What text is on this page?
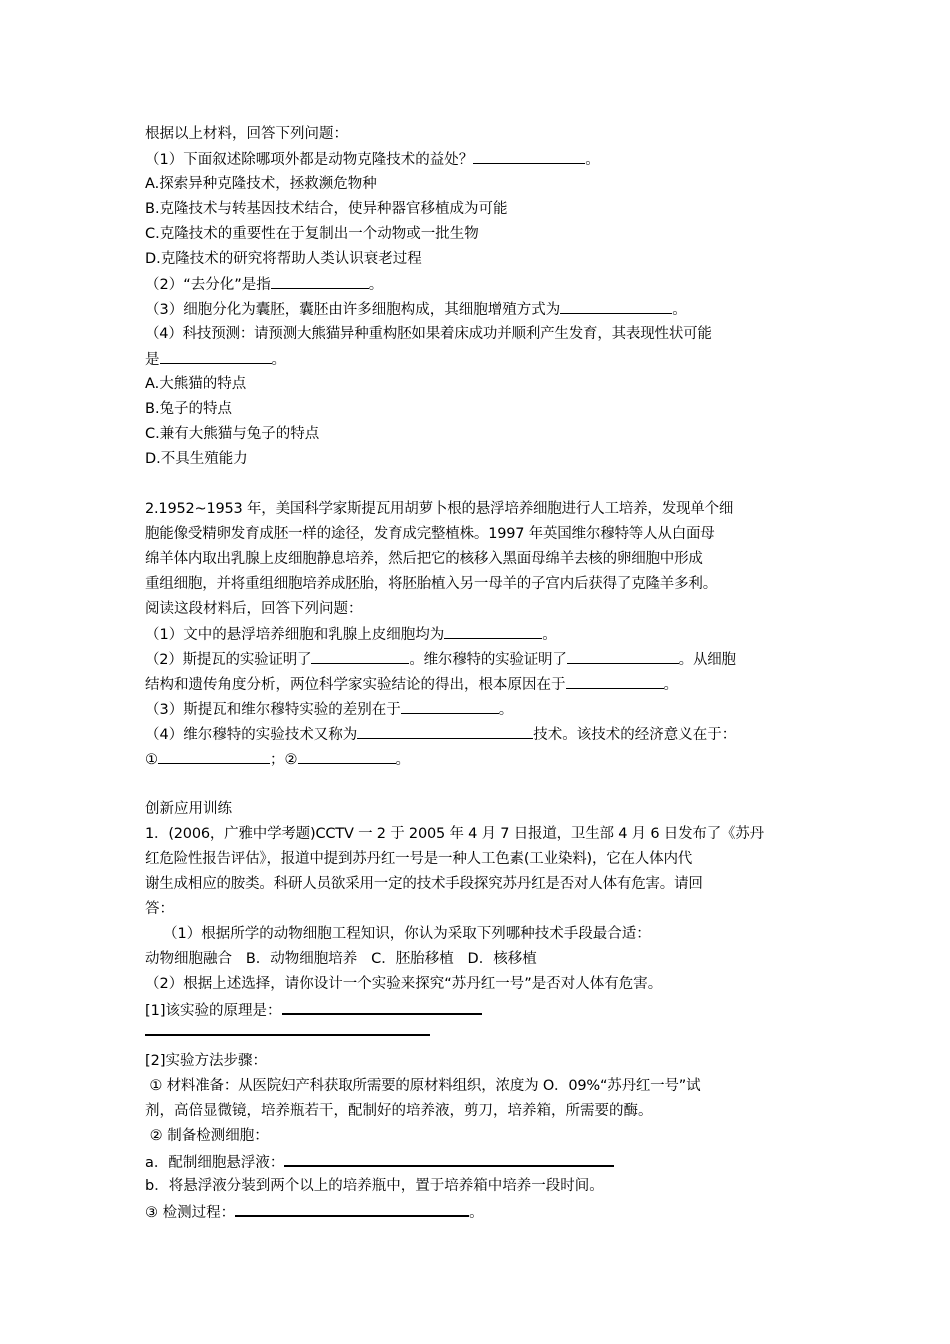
根据以上材料，回答下列问题：
（1）下面叙述除哪项外都是动物克隆技术的益处？	。
A.探索异种克隆技术，拯救濒危物种
B.克隆技术与转基因技术结合，使异种器官移植成为可能
C.克隆技术的重要性在于复制出一个动物或一批生物
D.克隆技术的研究将帮助人类认识衰老过程
（2）“去分化”是指	。
（3）细胞分化为囊胚，囊胚由许多细胞构成，其细胞增殖方式为	。
（4）科技预测：请预测大熊猫异种重构胚如果着床成功并顺利产生发育，其表现性状可能
是	。
A.大熊猫的特点
B.兔子的特点
C.兼有大熊猫与兔子的特点
D.不具生殖能力
2.1952~1953 年，美国科学家斯提瓦用胡萝卜根的悬浮培养细胞进行人工培养，发现单个细
胞能像受精卵发育成胚一样的途径，发育成完整植株。1997 年英国维尔穆特等人从白面母
绵羊体内取出乳腺上皮细胞静息培养，然后把它的核移入黑面母绵羊去核的卵细胞中形成
重组细胞，并将重组细胞培养成胚胎，将胚胎植入另一母羊的子宫内后获得了克隆羊多利。
阅读这段材料后，回答下列问题：
（1）文中的悬浮培养细胞和乳腺上皮细胞均为	。
（2）斯提瓦的实验证明了	。维尔穆特的实验证明了	。从细胞
结构和遗传角度分析，两位科学家实验结论的得出，根本原因在于	。
（3）斯提瓦和维尔穆特实验的差别在于	。
（4）维尔穆特的实验技术又称为	技术。该技术的经济意义在于：
①	；②	。
创新应用训练
1．(2006，广雅中学考题)CCTV 一 2 于 2005 年 4 月 7 日报道，卫生部 4 月 6 日发布了《苏丹
红危险性报告评估》，报道中提到苏丹红一号是一种人工色素(工业染料)，它在人体内代
谢生成相应的胺类。科研人员欲采用一定的技术手段探究苏丹红是否对人体有危害。请回
答：
（1）根据所学的动物细胞工程知识，你认为采取下列哪种技术手段最合适：
动物细胞融合   B．动物细胞培养   C．胚胎移植   D．核移植
（2）根据上述选择，请你设计一个实验来探究“苏丹红一号”是否对人体有危害。
[1]该实验的原理是：
[2]实验方法步骤：
① 材料准备：从医院妇产科获取所需要的原材料组织，浓度为 O．09%“苏丹红一号”试
剂，高倍显微镜，培养瓶若干，配制好的培养液，剪刀，培养箱，所需要的酶。
② 制备检测细胞：
a．配制细胞悬浮液：
b．将悬浮液分装到两个以上的培养瓶中，置于培养箱中培养一段时间。
③ 检测过程：	。
